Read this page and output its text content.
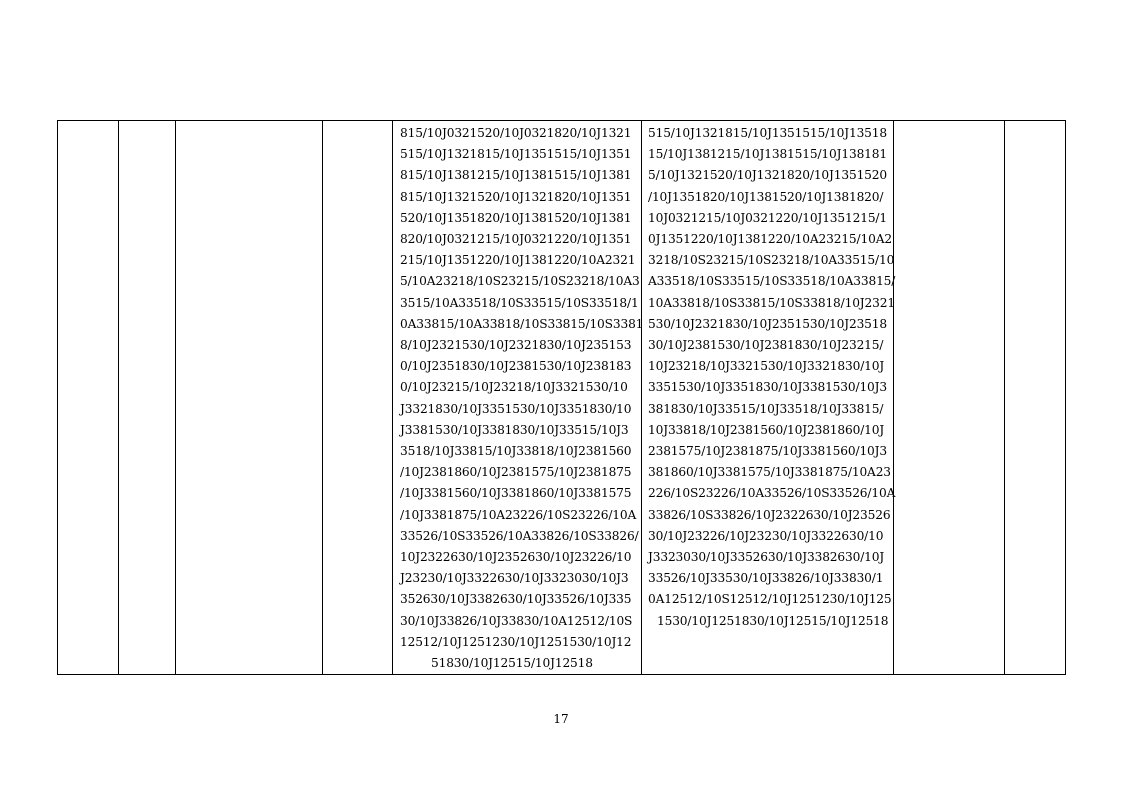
815/10J0321520/10J0321820/10J1321
515/10J1321815/10J1351515/10J1351
815/10J1381215/10J1381515/10J1381
815/10J1321520/10J1321820/10J1351
520/10J1351820/10J1381520/10J1381
820/10J0321215/10J0321220/10J1351
215/10J1351220/10J1381220/10A2321
5/10A23218/10S23215/10S23218/10A3
3515/10A33518/10S33515/10S33518/1
0A33815/10A33818/10S33815/10S3381
8/10J2321530/10J2321830/10J235153
0/10J2351830/10J2381530/10J238183
0/10J23215/10J23218/10J3321530/10
J3321830/10J3351530/10J3351830/10
J3381530/10J3381830/10J33515/10J3
3518/10J33815/10J33818/10J2381560
/10J2381860/10J2381575/10J2381875
/10J3381560/10J3381860/10J3381575
/10J3381875/10A23226/10S23226/10A
33526/10S33526/10A33826/10S33826/
10J2322630/10J2352630/10J23226/10
J23230/10J3322630/10J3323030/10J3
352630/10J3382630/10J33526/10J335
30/10J33826/10J33830/10A12512/10S
12512/10J1251230/10J1251530/10J12
51830/10J12515/10J12518

515/10J1321815/10J1351515/10J13518
15/10J1381215/10J1381515/10J138181
5/10J1321520/10J1321820/10J1351520
/10J1351820/10J1381520/10J1381820/
10J0321215/10J0321220/10J1351215/1
0J1351220/10J1381220/10A23215/10A2
3218/10S23215/10S23218/10A33515/10
A33518/10S33515/10S33518/10A33815/
10A33818/10S33815/10S33818/10J2321
530/10J2321830/10J2351530/10J23518
30/10J2381530/10J2381830/10J23215/
10J23218/10J3321530/10J3321830/10J
3351530/10J3351830/10J3381530/10J3
381830/10J33515/10J33518/10J33815/
10J33818/10J2381560/10J2381860/10J
2381575/10J2381875/10J3381560/10J3
381860/10J3381575/10J3381875/10A23
226/10S23226/10A33526/10S33526/10A
33826/10S33826/10J2322630/10J23526
30/10J23226/10J23230/10J3322630/10
J3323030/10J3352630/10J3382630/10J
33526/10J33530/10J33826/10J33830/1
0A12512/10S12512/10J1251230/10J125
1530/10J1251830/10J12515/10J12518

17
